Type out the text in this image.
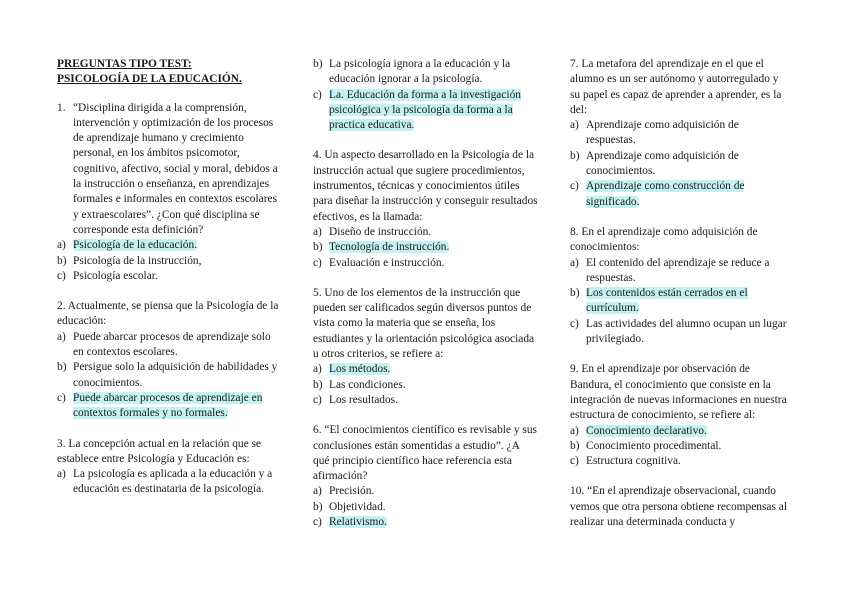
PREGUNTAS TIPO TEST:
PSICOLOGÍA DE LA EDUCACIÓN.
1. “Disciplina dirigida a la comprensión, intervención y optimización de los procesos de aprendizaje humano y crecimiento personal, en los ámbitos psicomotor, cognitivo, afectivo, social y moral, debidos a la instrucción o enseñanza, en aprendizajes formales e informales en contextos escolares y extraescolares”. ¿Con qué disciplina se corresponde esta definición?
a) Psicología de la educación.
b) Psicología de la instrucción,
c) Psicología escolar.
2. Actualmente, se piensa que la Psicología de la educación:
a) Puede abarcar procesos de aprendizaje solo en contextos escolares.
b) Persigue solo la adquisición de habilidades y conocimientos.
c) Puede abarcar procesos de aprendizaje en contextos formales y no formales.
3. La concepción actual en la relación que se establece entre Psicología y Educación es:
a) La psicología es aplicada a la educación y a educación es destinataria de la psicología.
b) La psicología ignora a la educación y la educación ignorar a la psicología.
c) La. Educación da forma a la investigación psicológica y la psicología da forma a la practica educativa.
4. Un aspecto desarrollado en la Psicología de la instrucción actual que sugiere procedimientos, instrumentos, técnicas y conocimientos útiles para diseñar la instrucción y conseguir resultados efectivos, es la llamada:
a) Diseño de instrucción.
b) Tecnología de instrucción.
c) Evaluación e instrucción.
5. Uno de los elementos de la instrucción que pueden ser calificados según diversos puntos de vista como la materia que se enseña, los estudiantes y la orientación psicológica asociada u otros criterios, se refiere a:
a) Los métodos.
b) Las condiciones.
c) Los resultados.
6. “El conocimientos científico es revisable y sus conclusiones están somentidas a estudio”. ¿A qué principio científico hace referencia esta afirmación?
a) Precisión.
b) Objetividad.
c) Relativismo.
7. La metafora del aprendizaje en el que el alumno es un ser autónomo y autorregulado y su papel es capaz de aprender a aprender, es la del:
a) Aprendizaje como adquisición de respuestas.
b) Aprendizaje como adquisición de conocimientos.
c) Aprendizaje como construcción de significado.
8. En el aprendizaje como adquisición de conocimientos:
a) El contenido del aprendizaje se reduce a respuestas.
b) Los contenidos están cerrados en el currículum.
c) Las actividades del alumno ocupan un lugar privilegiado.
9. En el aprendizaje por observación de Bandura, el conocimiento que consiste en la integración de nuevas informaciones en nuestra estructura de conocimiento, se refiere al:
a) Conocimiento declarativo.
b) Conocimiento procedimental.
c) Estructura cognitiva.
10. “En el aprendizaje observacional, cuando vemos que otra persona obtiene recompensas al realizar una determinada conducta y
